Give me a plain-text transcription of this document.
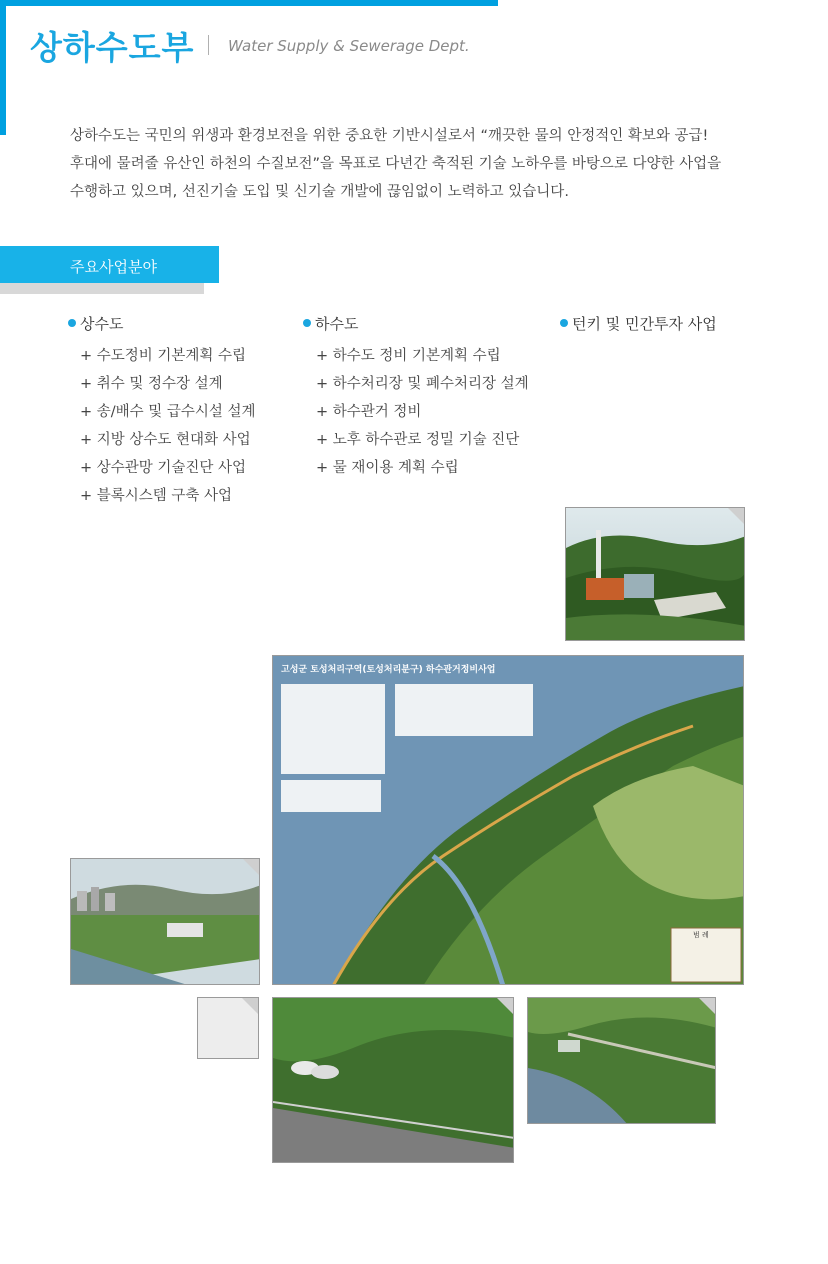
상하수도부 Water Supply & Sewerage Dept.
상하수도는 국민의 위생과 환경보전을 위한 중요한 기반시설로서 “깨끗한 물의 안정적인 확보와 공급!
후대에 물려줄 유산인 하천의 수질보전”을 목표로 다년간 축적된 기술 노하우를 바탕으로 다양한 사업을
수행하고 있으며, 선진기술 도입 및 신기술 개발에 끊임없이 노력하고 있습니다.
주요사업분야
상수도
+ 수도정비 기본계획 수립
+ 취수 및 정수장 설계
+ 송/배수 및 급수시설 설계
+ 지방 상수도 현대화 사업
+ 상수관망 기술진단 사업
+ 블록시스템 구축 사업
하수도
+ 하수도 정비 기본계획 수립
+ 하수처리장 및 폐수처리장 설계
+ 하수관거 정비
+ 노후 하수관로 정밀 기술 진단
+ 물 재이용 계획 수립
턴키 및 민간투자 사업
고성군 토성처리구역(토성처리분구) 하수관거정비사업
범 례
